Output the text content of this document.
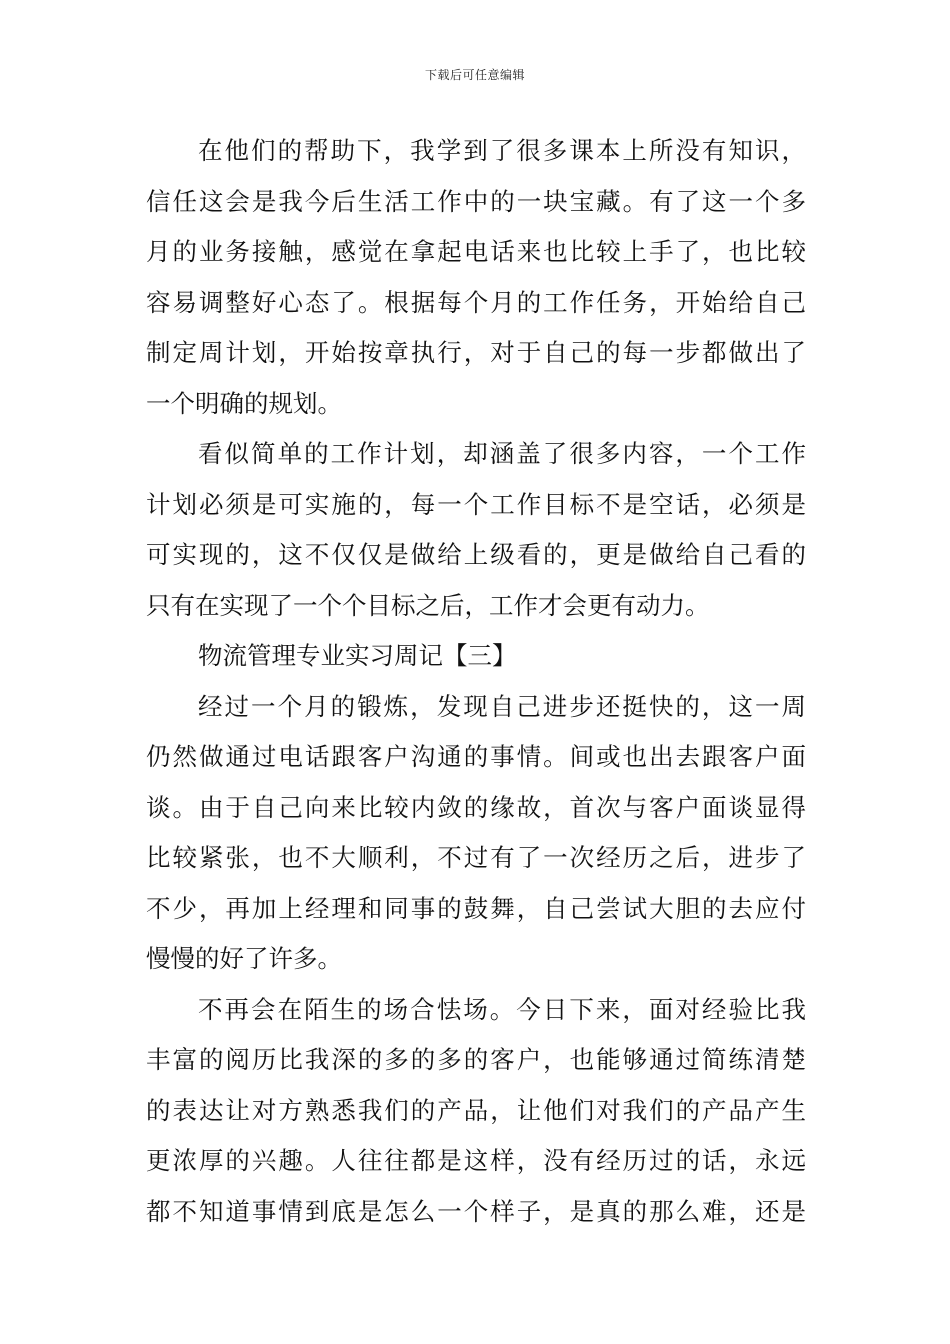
下载后可任意编辑
在他们的帮助下，我学到了很多课本上所没有知识，
信任这会是我今后生活工作中的一块宝藏。有了这一个多
月的业务接触，感觉在拿起电话来也比较上手了，也比较
容易调整好心态了。根据每个月的工作任务，开始给自己
制定周计划，开始按章执行，对于自己的每一步都做出了
一个明确的规划。
看似简单的工作计划，却涵盖了很多内容，一个工作
计划必须是可实施的，每一个工作目标不是空话，必须是
可实现的，这不仅仅是做给上级看的，更是做给自己看的
只有在实现了一个个目标之后，工作才会更有动力。
物流管理专业实习周记【三】
经过一个月的锻炼，发现自己进步还挺快的，这一周
仍然做通过电话跟客户沟通的事情。间或也出去跟客户面
谈。由于自己向来比较内敛的缘故，首次与客户面谈显得
比较紧张，也不大顺利，不过有了一次经历之后，进步了
不少，再加上经理和同事的鼓舞，自己尝试大胆的去应付
慢慢的好了许多。
不再会在陌生的场合怯场。今日下来，面对经验比我
丰富的阅历比我深的多的多的客户，也能够通过简练清楚
的表达让对方熟悉我们的产品，让他们对我们的产品产生
更浓厚的兴趣。人往往都是这样，没有经历过的话，永远
都不知道事情到底是怎么一个样子，是真的那么难，还是
